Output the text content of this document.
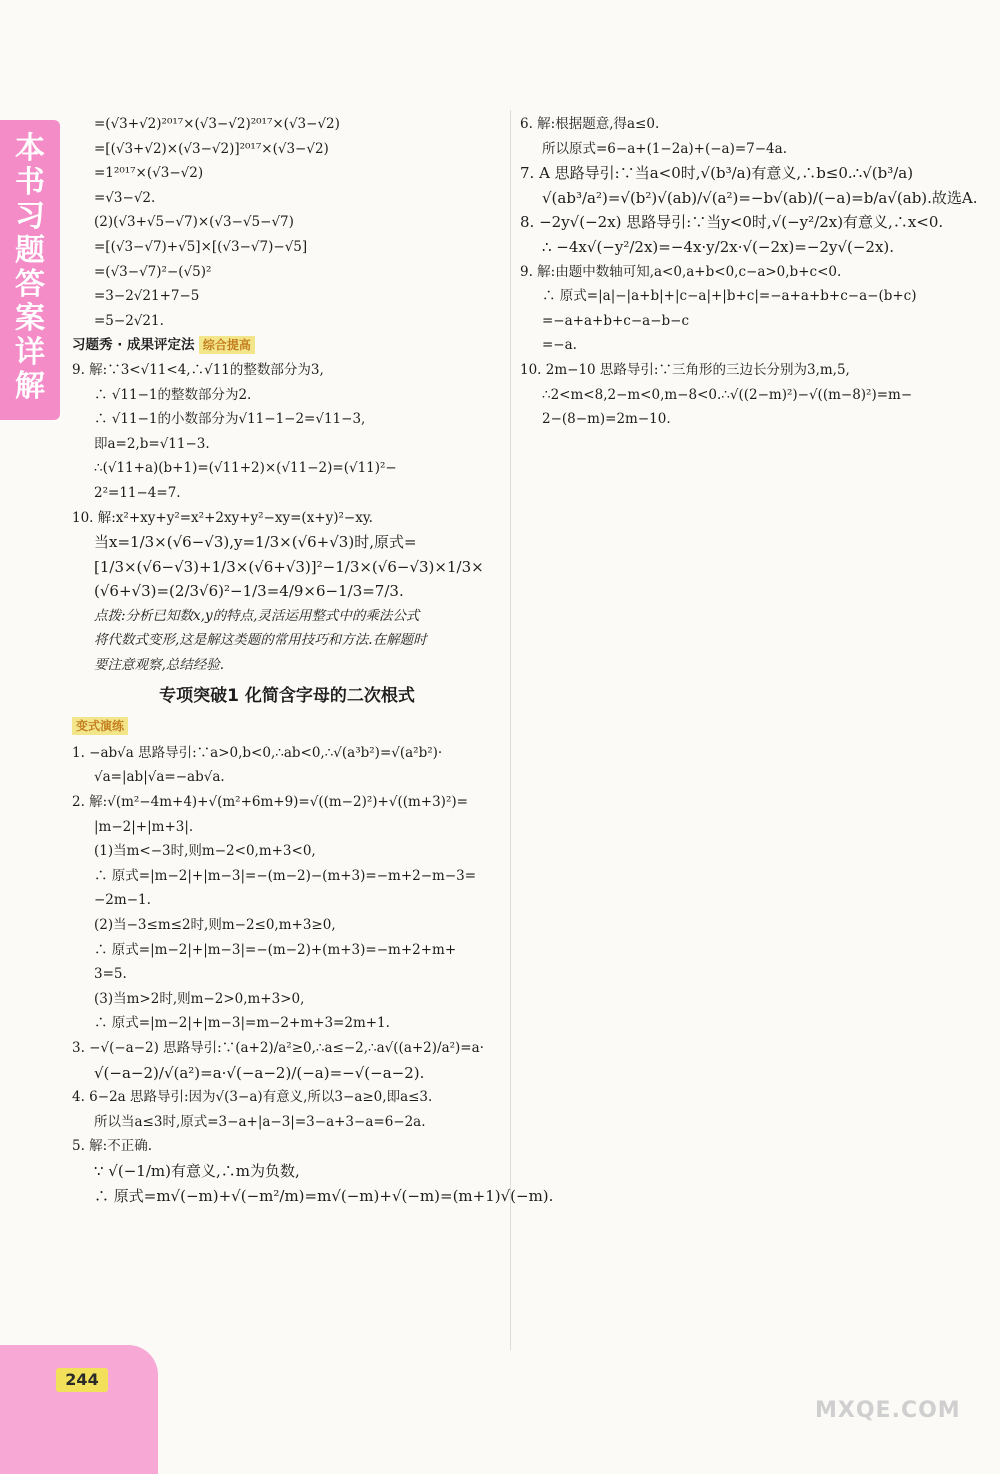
本书习题答案详解
=(√3+√2)²⁰¹⁷×(√3−√2)²⁰¹⁷×(√3−√2)
=[(√3+√2)×(√3−√2)]²⁰¹⁷×(√3−√2)
=1²⁰¹⁷×(√3−√2)
=√3−√2.
(2)(√3+√5−√7)×(√3−√5−√7)
=[(√3−√7)+√5]×[(√3−√7)−√5]
=(√3−√7)²−(√5)²
=3−2√21+7−5
=5−2√21.
习题秀 · 成果评定法 综合提高
9. 解:∵3<√11<4,∴√11的整数部分为3,
∴ √11−1的整数部分为2.
∴ √11−1的小数部分为√11−1−2=√11−3,
即a=2,b=√11−3.
∴(√11+a)(b+1)=(√11+2)×(√11−2)=(√11)²−
2²=11−4=7.
10. 解:x²+xy+y²=x²+2xy+y²−xy=(x+y)²−xy.
当x=1/3×(√6−√3),y=1/3×(√6+√3)时,原式=
[1/3×(√6−√3)+1/3×(√6+√3)]²−1/3×(√6−√3)×1/3×
(√6+√3)=(2/3√6)²−1/3=4/9×6−1/3=7/3.
点拨:分析已知数x,y的特点,灵活运用整式中的乘法公式
将代数式变形,这是解这类题的常用技巧和方法.在解题时
要注意观察,总结经验.
专项突破1 化简含字母的二次根式
变式演练
1. −ab√a 思路导引:∵a>0,b<0,∴ab<0,∴√(a³b²)=√(a²b²)·
√a=|ab|√a=−ab√a.
2. 解:√(m²−4m+4)+√(m²+6m+9)=√((m−2)²)+√((m+3)²)=
|m−2|+|m+3|.
(1)当m<−3时,则m−2<0,m+3<0,
∴ 原式=|m−2|+|m−3|=−(m−2)−(m+3)=−m+2−m−3=
−2m−1.
(2)当−3≤m≤2时,则m−2≤0,m+3≥0,
∴ 原式=|m−2|+|m−3|=−(m−2)+(m+3)=−m+2+m+
3=5.
(3)当m>2时,则m−2>0,m+3>0,
∴ 原式=|m−2|+|m−3|=m−2+m+3=2m+1.
3. −√(−a−2) 思路导引:∵(a+2)/a²≥0,∴a≤−2,∴a√((a+2)/a²)=a·
√(−a−2)/√(a²)=a·√(−a−2)/(−a)=−√(−a−2).
4. 6−2a 思路导引:因为√(3−a)有意义,所以3−a≥0,即a≤3.
所以当a≤3时,原式=3−a+|a−3|=3−a+3−a=6−2a.
5. 解:不正确.
∵ √(−1/m)有意义,∴m为负数,
∴ 原式=m√(−m)+√(−m²/m)=m√(−m)+√(−m)=(m+1)√(−m).
6. 解:根据题意,得a≤0.
所以原式=6−a+(1−2a)+(−a)=7−4a.
7. A 思路导引:∵当a<0时,√(b³/a)有意义,∴b≤0.∴√(b³/a)
√(ab³/a²)=√(b²)√(ab)/√(a²)=−b√(ab)/(−a)=b/a√(ab).故选A.
8. −2y√(−2x) 思路导引:∵当y<0时,√(−y²/2x)有意义,∴x<0.
∴ −4x√(−y²/2x)=−4x·y/2x·√(−2x)=−2y√(−2x).
9. 解:由题中数轴可知,a<0,a+b<0,c−a>0,b+c<0.
∴ 原式=|a|−|a+b|+|c−a|+|b+c|=−a+a+b+c−a−(b+c)
=−a+a+b+c−a−b−c
=−a.
10. 2m−10 思路导引:∵三角形的三边长分别为3,m,5,
∴2<m<8,2−m<0,m−8<0.∴√((2−m)²)−√((m−8)²)=m−
2−(8−m)=2m−10.
244
MXQE.COM
